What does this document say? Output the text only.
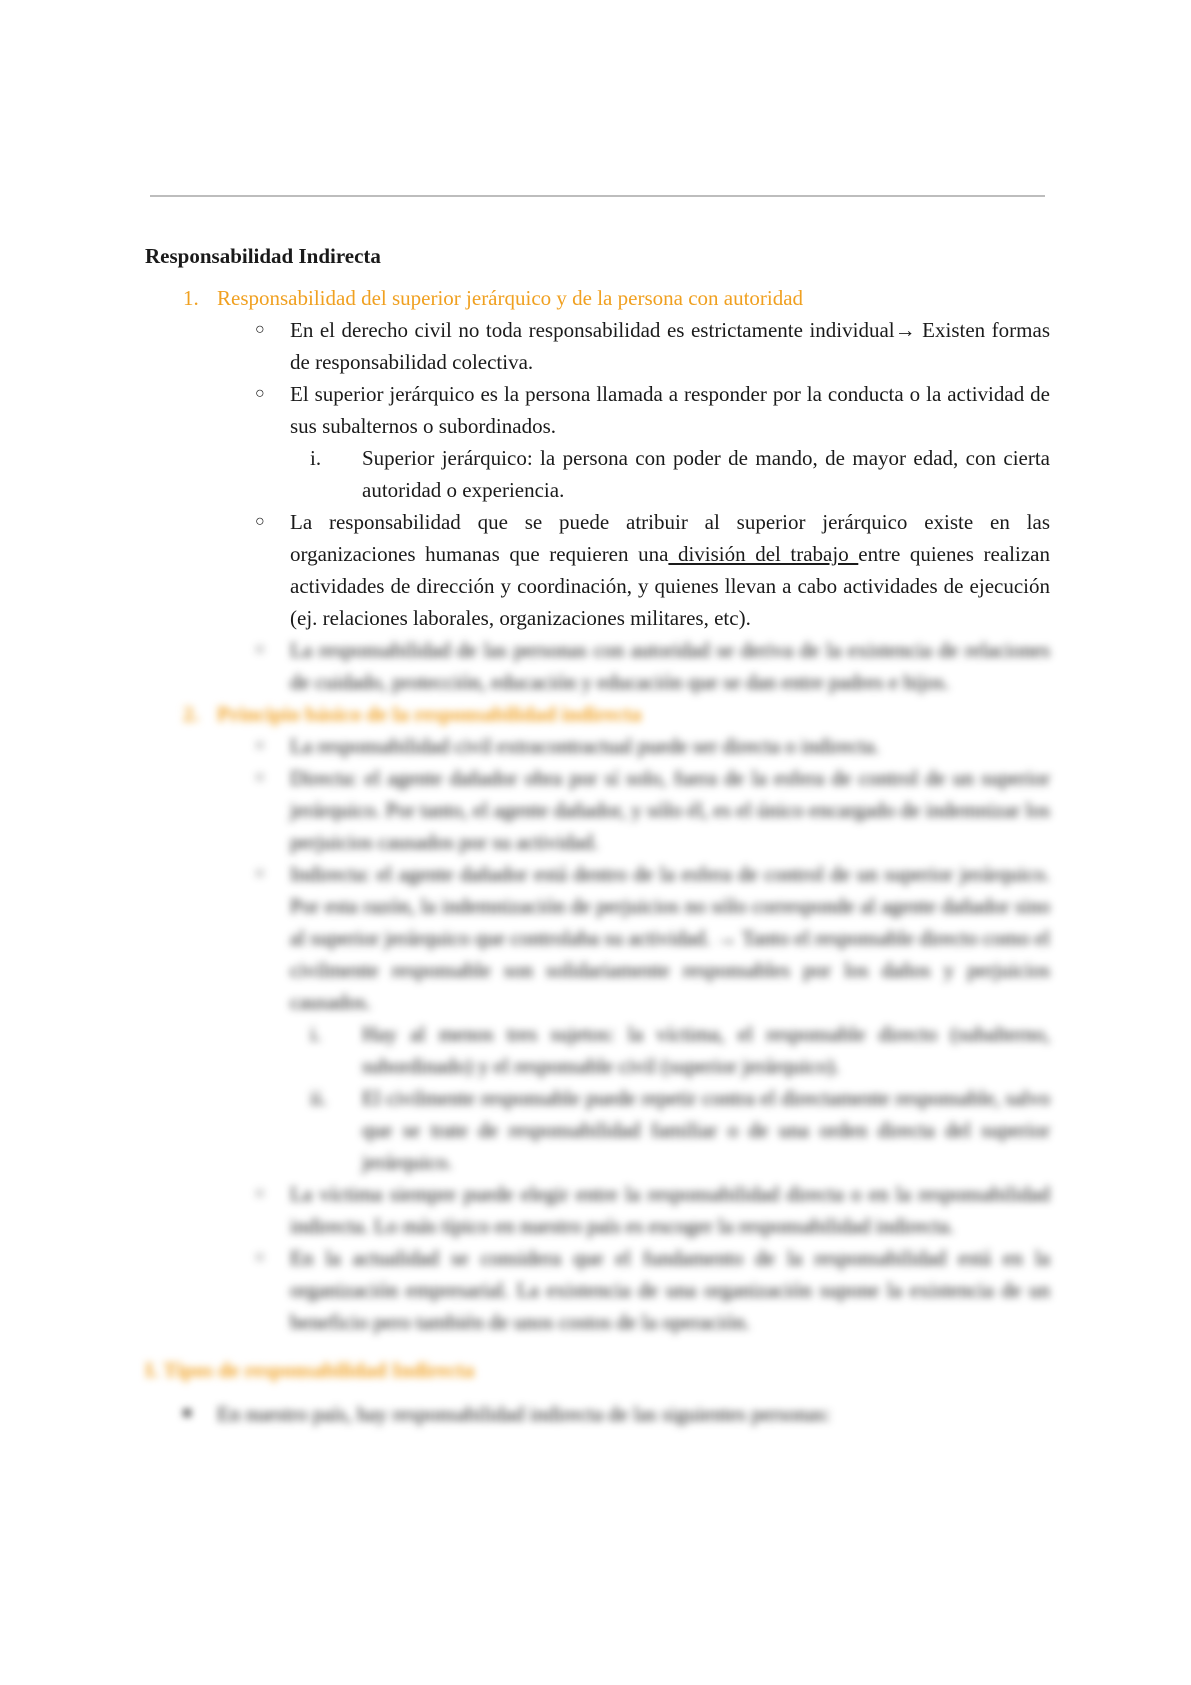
Responsabilidad Indirecta
1. Responsabilidad del superior jerárquico y de la persona con autoridad
○ En el derecho civil no toda responsabilidad es estrictamente individual→ Existen formas de responsabilidad colectiva.
○ El superior jerárquico es la persona llamada a responder por la conducta o la actividad de sus subalternos o subordinados.
i. Superior jerárquico: la persona con poder de mando, de mayor edad, con cierta autoridad o experiencia.
○ La responsabilidad que se puede atribuir al superior jerárquico existe en las organizaciones humanas que requieren una división del trabajo entre quienes realizan actividades de dirección y coordinación, y quienes llevan a cabo actividades de ejecución (ej. relaciones laborales, organizaciones militares, etc).
○ La responsabilidad de las personas con autoridad se deriva de la existencia de relaciones de cuidado, protección, educación y educación que se dan entre padres e hijos.
2. Principio básico de la responsabilidad indirecta
○ La responsabilidad civil extracontractual puede ser directa o indirecta.
○ Directa: el agente dañador obra por sí solo, fuera de la esfera de control de un superior jerárquico. Por tanto, el agente dañador, y sólo él, es el único encargado de indemnizar los perjuicios causados por su actividad.
○ Indirecta: el agente dañador está dentro de la esfera de control de un superior jerárquico. Por esta razón, la indemnización de perjuicios no sólo corresponde al agente dañador sino al superior jerárquico que controlaba su actividad. → Tanto el responsable directo como el civilmente responsable son solidariamente responsables por los daños y perjuicios causados.
i. Hay al menos tres sujetos: la víctima, el responsable directo (subalterno, subordinado) y el responsable civil (superior jerárquico).
ii. El civilmente responsable puede repetir contra el directamente responsable, salvo que se trate de responsabilidad familiar o de una orden directa del superior jerárquico.
○ La víctima siempre puede elegir entre la responsabilidad directa o en la responsabilidad indirecta. Lo más típico en nuestro país es escoger la responsabilidad indirecta.
○ En la actualidad se considera que el fundamento de la responsabilidad está en la organización empresarial. La existencia de una organización supone la existencia de un beneficio pero también de unos costos de la operación.
I. Tipos de responsabilidad Indirecta
■ En nuestro país, hay responsabilidad indirecta de las siguientes personas:
